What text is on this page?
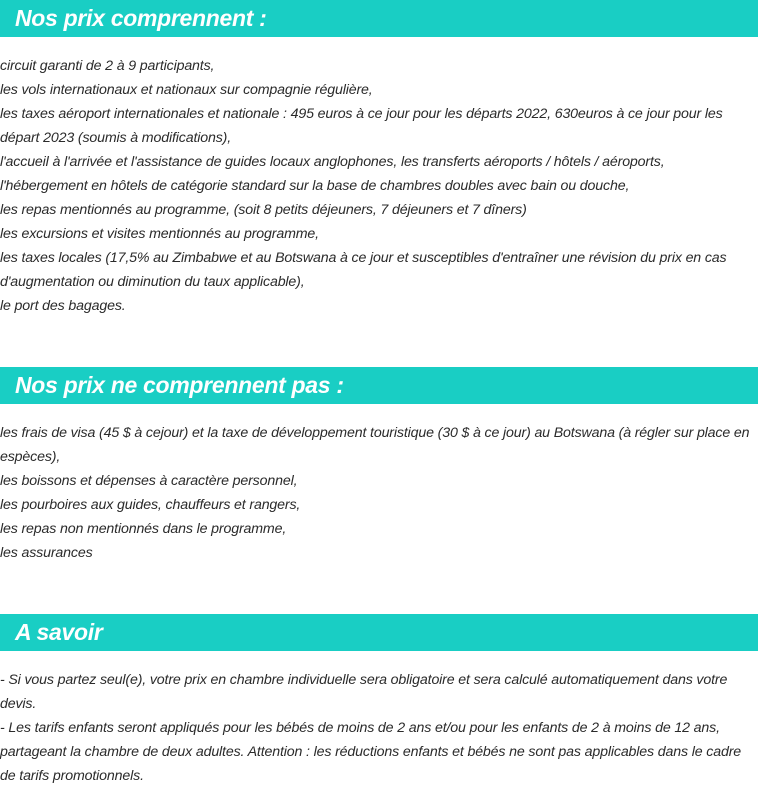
Nos prix comprennent :
circuit garanti de 2 à 9 participants,
les vols internationaux et nationaux sur compagnie régulière,
les taxes aéroport internationales et nationale : 495 euros à ce jour pour les départs 2022, 630euros à ce jour pour les départ 2023 (soumis à modifications),
l'accueil à l'arrivée et l'assistance de guides locaux anglophones, les transferts aéroports / hôtels / aéroports,
l'hébergement en hôtels de catégorie standard sur la base de chambres doubles avec bain ou douche,
les repas mentionnés au programme, (soit 8 petits déjeuners, 7 déjeuners et 7 dîners)
les excursions et visites mentionnés au programme,
les taxes locales (17,5% au Zimbabwe et au Botswana à ce jour et susceptibles d'entraîner une révision du prix en cas d'augmentation ou diminution du taux applicable),
le port des bagages.
Nos prix ne comprennent pas :
les frais de visa (45 $ à cejour) et la taxe de développement touristique (30 $ à ce jour) au Botswana (à régler sur place en espèces),
les boissons et dépenses à caractère personnel,
les pourboires aux guides, chauffeurs et rangers,
les repas non mentionnés dans le programme,
les assurances
A savoir
- Si vous partez seul(e), votre prix en chambre individuelle sera obligatoire et sera calculé automatiquement dans votre devis.
- Les tarifs enfants seront appliqués pour les bébés de moins de 2 ans et/ou pour les enfants de 2 à moins de 12 ans, partageant la chambre de deux adultes. Attention : les réductions enfants et bébés ne sont pas applicables dans le cadre de tarifs promotionnels.
